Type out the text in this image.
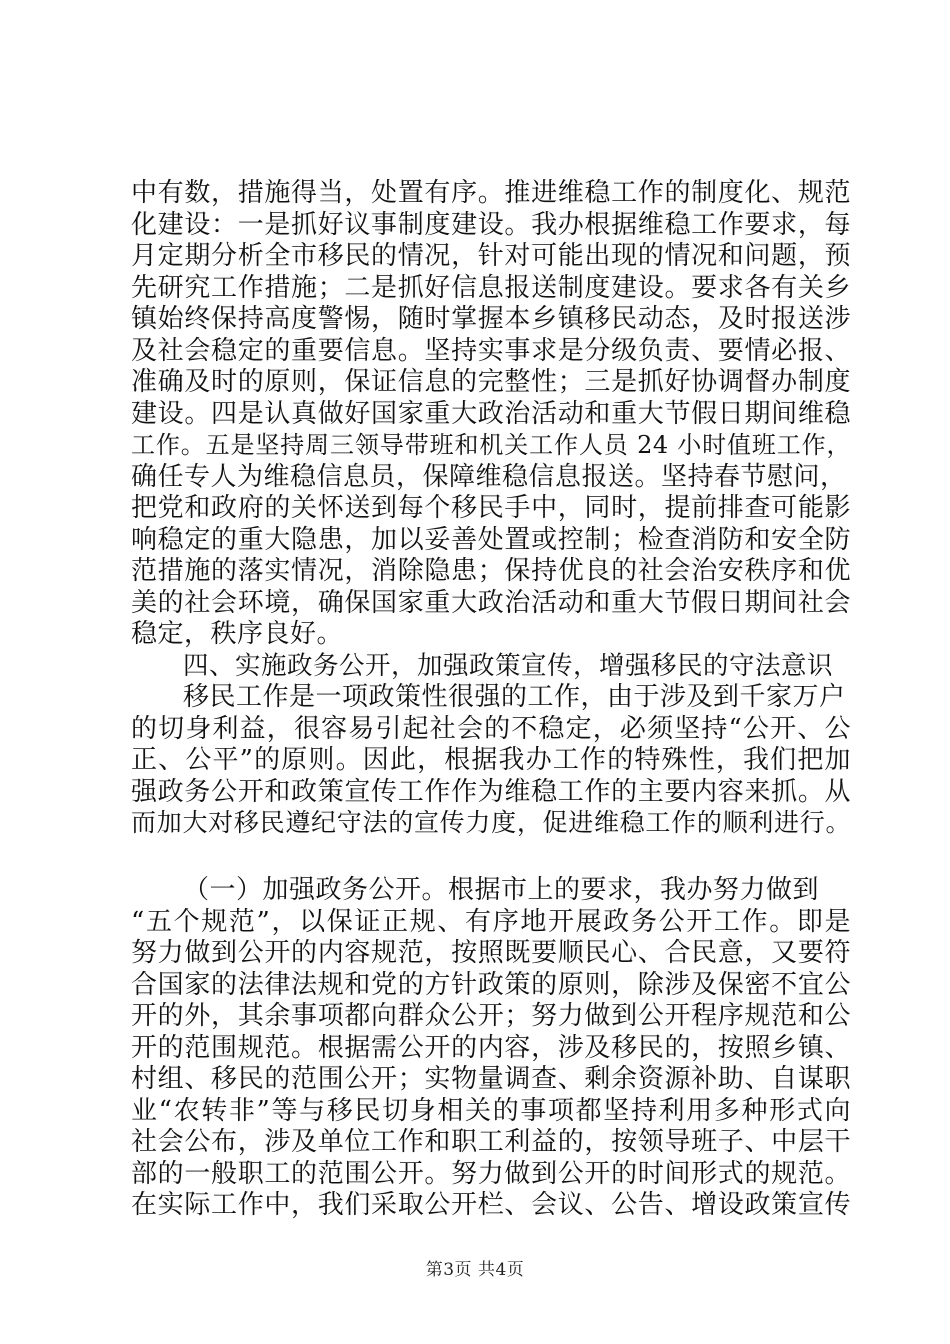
中有数，措施得当，处置有序。推进维稳工作的制度化、规范
化建设：一是抓好议事制度建设。我办根据维稳工作要求，每
月定期分析全市移民的情况，针对可能出现的情况和问题，预
先研究工作措施；二是抓好信息报送制度建设。要求各有关乡
镇始终保持高度警惕，随时掌握本乡镇移民动态，及时报送涉
及社会稳定的重要信息。坚持实事求是分级负责、要情必报、
准确及时的原则，保证信息的完整性；三是抓好协调督办制度
建设。四是认真做好国家重大政治活动和重大节假日期间维稳
工作。五是坚持周三领导带班和机关工作人员 24 小时值班工作，
确任专人为维稳信息员，保障维稳信息报送。坚持春节慰问，
把党和政府的关怀送到每个移民手中，同时，提前排查可能影
响稳定的重大隐患，加以妥善处置或控制；检查消防和安全防
范措施的落实情况，消除隐患；保持优良的社会治安秩序和优
美的社会环境，确保国家重大政治活动和重大节假日期间社会
稳定，秩序良好。
四、实施政务公开，加强政策宣传，增强移民的守法意识
移民工作是一项政策性很强的工作，由于涉及到千家万户
的切身利益，很容易引起社会的不稳定，必须坚持“公开、公
正、公平”的原则。因此，根据我办工作的特殊性，我们把加
强政务公开和政策宣传工作作为维稳工作的主要内容来抓。从
而加大对移民遵纪守法的宣传力度，促进维稳工作的顺利进行。
（一）加强政务公开。根据市上的要求，我办努力做到
“五个规范”，以保证正规、有序地开展政务公开工作。即是
努力做到公开的内容规范，按照既要顺民心、合民意，又要符
合国家的法律法规和党的方针政策的原则，除涉及保密不宜公
开的外，其余事项都向群众公开；努力做到公开程序规范和公
开的范围规范。根据需公开的内容，涉及移民的，按照乡镇、
村组、移民的范围公开；实物量调查、剩余资源补助、自谋职
业“农转非”等与移民切身相关的事项都坚持利用多种形式向
社会公布，涉及单位工作和职工利益的，按领导班子、中层干
部的一般职工的范围公开。努力做到公开的时间形式的规范。
在实际工作中，我们采取公开栏、会议、公告、增设政策宣传
第3页 共4页
